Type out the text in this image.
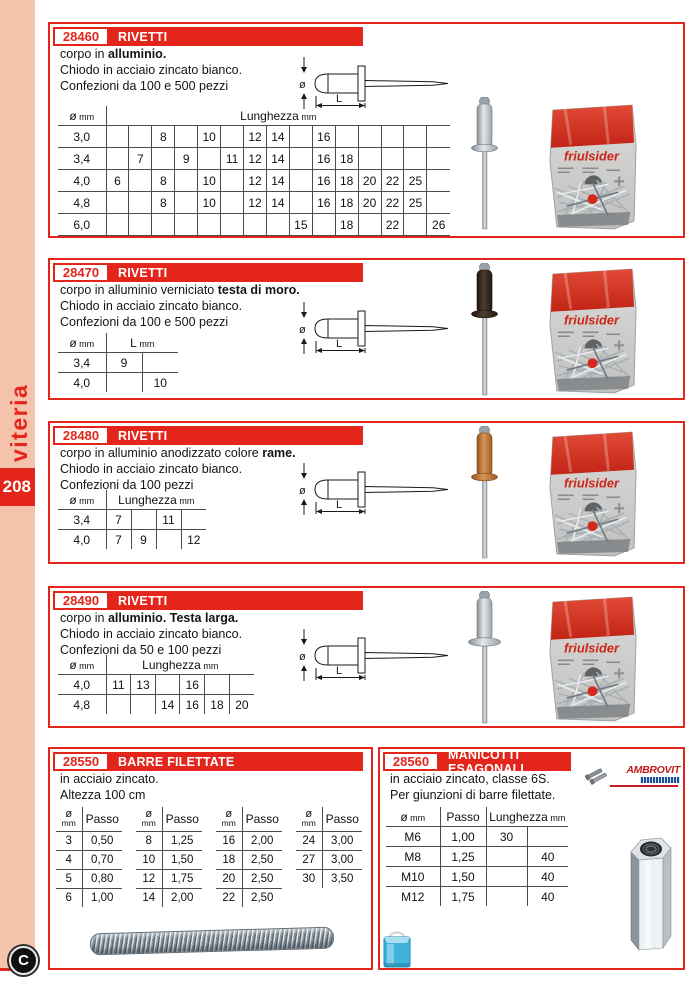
viteria
208
C
28460	RIVETTI
corpo in alluminio.
Chiodo in acciaio zincato bianco.
Confezioni da 100 e 500 pezzi
ø mm	Lunghezza mm														
3,0			8		10		12	14		16					
3,4		7		9		11	12	14		16	18				
4,0	6		8		10		12	14		16	18	20	22	25	
4,8			8		10		12	14		16	18	20	22	25	
6,0									15		18		22		26
28470	RIVETTI
corpo in alluminio verniciato testa di moro.
Chiodo in acciaio zincato bianco.
Confezioni da 100 e 500 pezzi
ø mm	L mm	
3,4	9	
4,0		10
28480	RIVETTI
corpo in alluminio anodizzato colore rame.
Chiodo in acciaio zincato bianco.
Confezioni da 100 pezzi
ø mm	Lunghezza mm			
3,4	7		11	
4,0	7	9		12
28490	RIVETTI
corpo in alluminio. Testa larga.
Chiodo in acciaio zincato bianco.
Confezioni da 50 e 100 pezzi
ø mm	Lunghezza mm					
4,0	11	13		16		
4,8			14	16	18	20
28550	BARRE FILETTATE
in acciaio zincato.
Altezza 100 cm
ø
mm	Passo
3	0,50
4	0,70
5	0,80
6	1,00
ø
mm	Passo
8	1,25
10	1,50
12	1,75
14	2,00
ø
mm	Passo
16	2,00
18	2,50
20	2,50
22	2,50
ø
mm	Passo
24	3,00
27	3,00
30	3,50
28560	MANICOTTI ESAGONALI	AMBROVIT
in acciaio zincato, classe 6S.
Per giunzioni di barre filettate.
ø mm	Passo	Lunghezza mm	
M6	1,00	30	
M8	1,25		40
M10	1,50		40
M12	1,75		40
